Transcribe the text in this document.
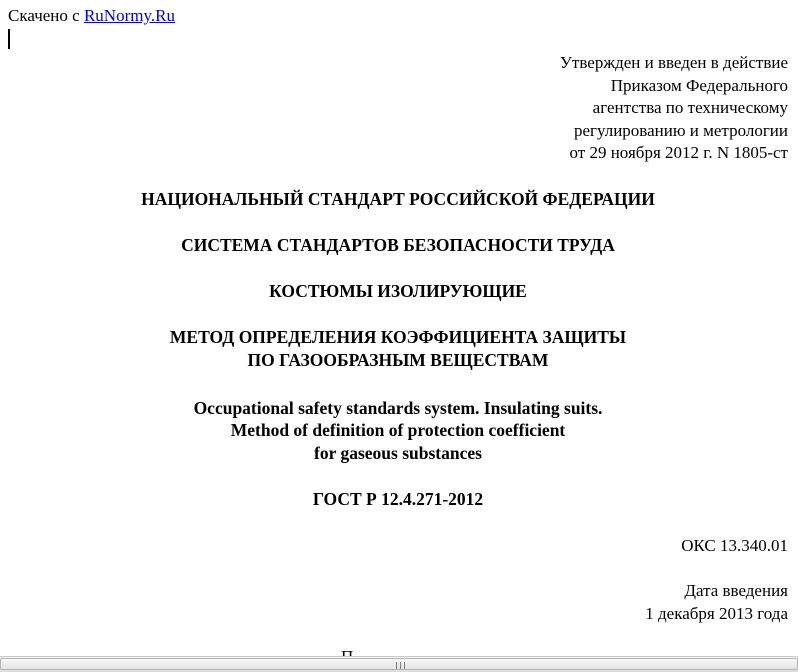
Скачено с RuNormy.Ru
Утвержден и введен в действие
Приказом Федерального
агентства по техническому
регулированию и метрологии
от 29 ноября 2012 г. N 1805-ст
НАЦИОНАЛЬНЫЙ СТАНДАРТ РОССИЙСКОЙ ФЕДЕРАЦИИ
СИСТЕМА СТАНДАРТОВ БЕЗОПАСНОСТИ ТРУДА
КОСТЮМЫ ИЗОЛИРУЮЩИЕ
МЕТОД ОПРЕДЕЛЕНИЯ КОЭФФИЦИЕНТА ЗАЩИТЫ
ПО ГАЗООБРАЗНЫМ ВЕЩЕСТВАМ
Occupational safety standards system. Insulating suits.
Method of definition of protection coefficient
for gaseous substances
ГОСТ Р 12.4.271-2012
ОКС 13.340.01
Дата введения
1 декабря 2013 года
